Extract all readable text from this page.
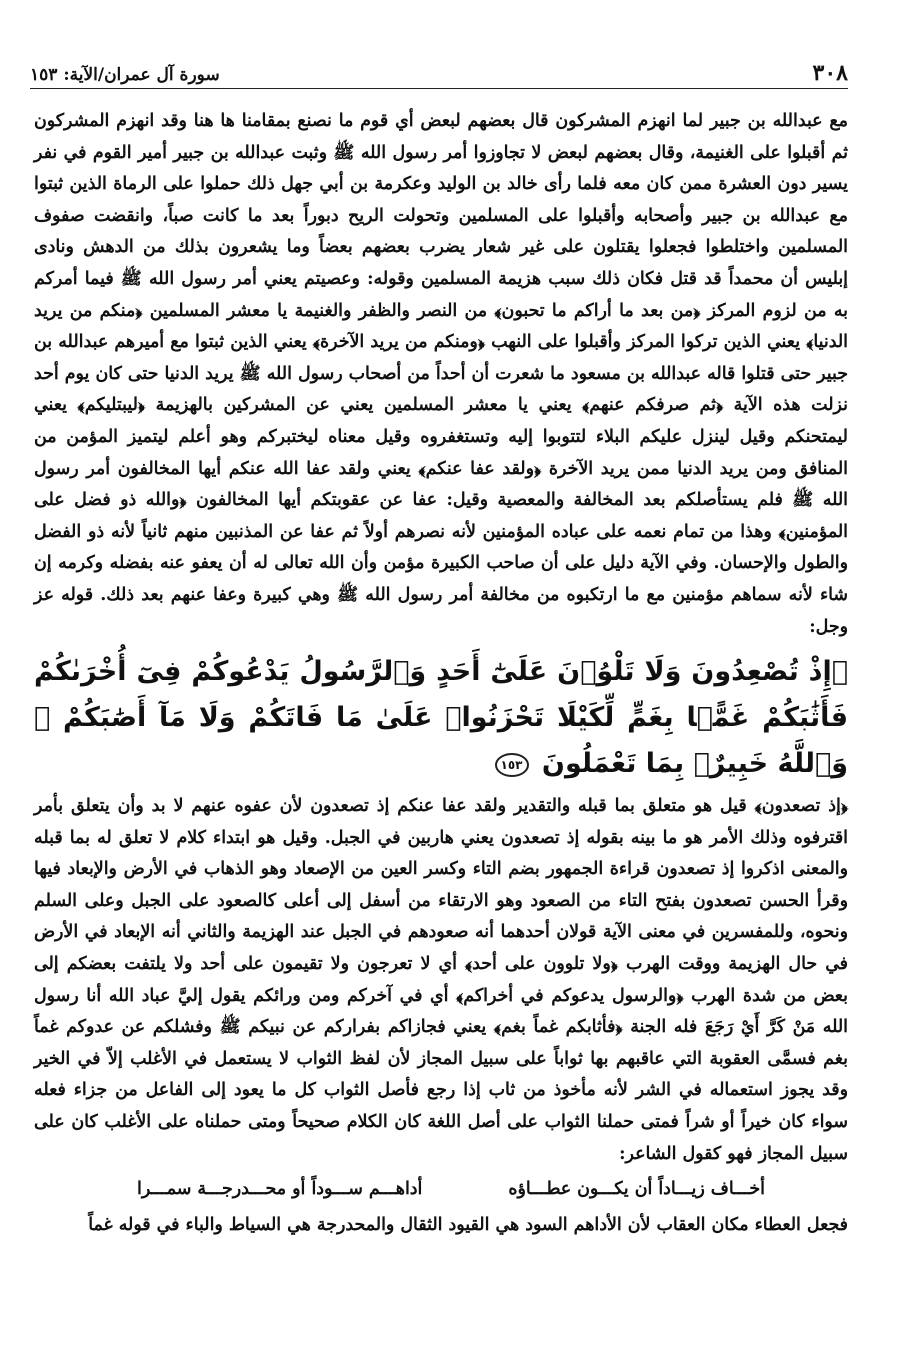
٣٠٨
سورة آل عمران/الآية: ١٥٣

مع عبدالله بن جبير لما انهزم المشركون قال بعضهم لبعض أي قوم ما نصنع بمقامنا ها هنا وقد انهزم المشركون ثم أقبلوا على الغنيمة، وقال بعضهم لبعض لا تجاوزوا أمر رسول الله ﷺ وثبت عبدالله بن جبير أمير القوم في نفر يسير دون العشرة ممن كان معه فلما رأى خالد بن الوليد وعكرمة بن أبي جهل ذلك حملوا على الرماة الذين ثبتوا مع عبدالله بن جبير وأصحابه وأقبلوا على المسلمين وتحولت الريح دبوراً بعد ما كانت صباً، وانقضت صفوف المسلمين واختلطوا فجعلوا يقتلون على غير شعار يضرب بعضهم بعضاً وما يشعرون بذلك من الدهش ونادى إبليس أن محمداً قد قتل فكان ذلك سبب هزيمة المسلمين وقوله: وعصيتم يعني أمر رسول الله ﷺ فيما أمركم به من لزوم المركز ﴿من بعد ما أراكم ما تحبون﴾ من النصر والظفر والغنيمة يا معشر المسلمين ﴿منكم من يريد الدنيا﴾ يعني الذين تركوا المركز وأقبلوا على النهب ﴿ومنكم من يريد الآخرة﴾ يعني الذين ثبتوا مع أميرهم عبدالله بن جبير حتى قتلوا قاله عبدالله بن مسعود ما شعرت أن أحداً من أصحاب رسول الله ﷺ يريد الدنيا حتى كان يوم أحد نزلت هذه الآية ﴿ثم صرفكم عنهم﴾ يعني يا معشر المسلمين يعني عن المشركين بالهزيمة ﴿ليبتليكم﴾ يعني ليمتحنكم وقيل لينزل عليكم البلاء لتتوبوا إليه وتستغفروه وقيل معناه ليختبركم وهو أعلم ليتميز المؤمن من المنافق ومن يريد الدنيا ممن يريد الآخرة ﴿ولقد عفا عنكم﴾ يعني ولقد عفا الله عنكم أيها المخالفون أمر رسول الله ﷺ فلم يستأصلكم بعد المخالفة والمعصية وقيل: عفا عن عقوبتكم أيها المخالفون ﴿والله ذو فضل على المؤمنين﴾ وهذا من تمام نعمه على عباده المؤمنين لأنه نصرهم أولاً ثم عفا عن المذنبين منهم ثانياً لأنه ذو الفضل والطول والإحسان. وفي الآية دليل على أن صاحب الكبيرة مؤمن وأن الله تعالى له أن يعفو عنه بفضله وكرمه إن شاء لأنه سماهم مؤمنين مع ما ارتكبوه من مخالفة أمر رسول الله ﷺ وهي كبيرة وعفا عنهم بعد ذلك. قوله عز وجل:

﴿إِذْ تُصْعِدُونَ وَلَا تَلْوُۥنَ عَلَىٰٓ أَحَدٍ وَٱلرَّسُولُ يَدْعُوكُمْ فِىٓ أُخْرَىٰكُمْ فَأَثَٰبَكُمْ غَمًّۢا بِغَمٍّ لِّكَيْلَا تَحْزَنُوا۟ عَلَىٰ مَا فَاتَكُمْ وَلَا مَآ أَصَٰبَكُمْ ۗ وَٱللَّهُ خَبِيرٌۢ بِمَا تَعْمَلُونَ ١٥٣

﴿إذ تصعدون﴾ قيل هو متعلق بما قبله والتقدير ولقد عفا عنكم إذ تصعدون لأن عفوه عنهم لا بد وأن يتعلق بأمر اقترفوه وذلك الأمر هو ما بينه بقوله إذ تصعدون يعني هاربين في الجبل. وقيل هو ابتداء كلام لا تعلق له بما قبله والمعنى اذكروا إذ تصعدون قراءة الجمهور بضم التاء وكسر العين من الإصعاد وهو الذهاب في الأرض والإبعاد فيها وقرأ الحسن تصعدون بفتح التاء من الصعود وهو الارتقاء من أسفل إلى أعلى كالصعود على الجبل وعلى السلم ونحوه، وللمفسرين في معنى الآية قولان أحدهما أنه صعودهم في الجبل عند الهزيمة والثاني أنه الإبعاد في الأرض في حال الهزيمة ووقت الهرب ﴿ولا تلوون على أحد﴾ أي لا تعرجون ولا تقيمون على أحد ولا يلتفت بعضكم إلى بعض من شدة الهرب ﴿والرسول يدعوكم في أخراكم﴾ أي في آخركم ومن ورائكم يقول إليَّ عباد الله أنا رسول الله مَنْ كَرَّ أَيْ رَجَعَ فله الجنة ﴿فأثابكم غماً بغم﴾ يعني فجازاكم بفراركم عن نبيكم ﷺ وفشلكم عن عدوكم غماً بغم فسمَّى العقوبة التي عاقبهم بها ثواباً على سبيل المجاز لأن لفظ الثواب لا يستعمل في الأغلب إلاّ في الخير وقد يجوز استعماله في الشر لأنه مأخوذ من ثاب إذا رجع فأصل الثواب كل ما يعود إلى الفاعل من جزاء فعله سواء كان خيراً أو شراً فمتى حملنا الثواب على أصل اللغة كان الكلام صحيحاً ومتى حملناه على الأغلب كان على سبيل المجاز فهو كقول الشاعر:

أخـــاف زيـــاداً أن يكـــون عطـــاؤه
أداهـــم ســـوداً أو محـــدرجـــة سمـــرا

فجعل العطاء مكان العقاب لأن الأداهم السود هي القيود الثقال والمحدرجة هي السياط والباء في قوله غماً
